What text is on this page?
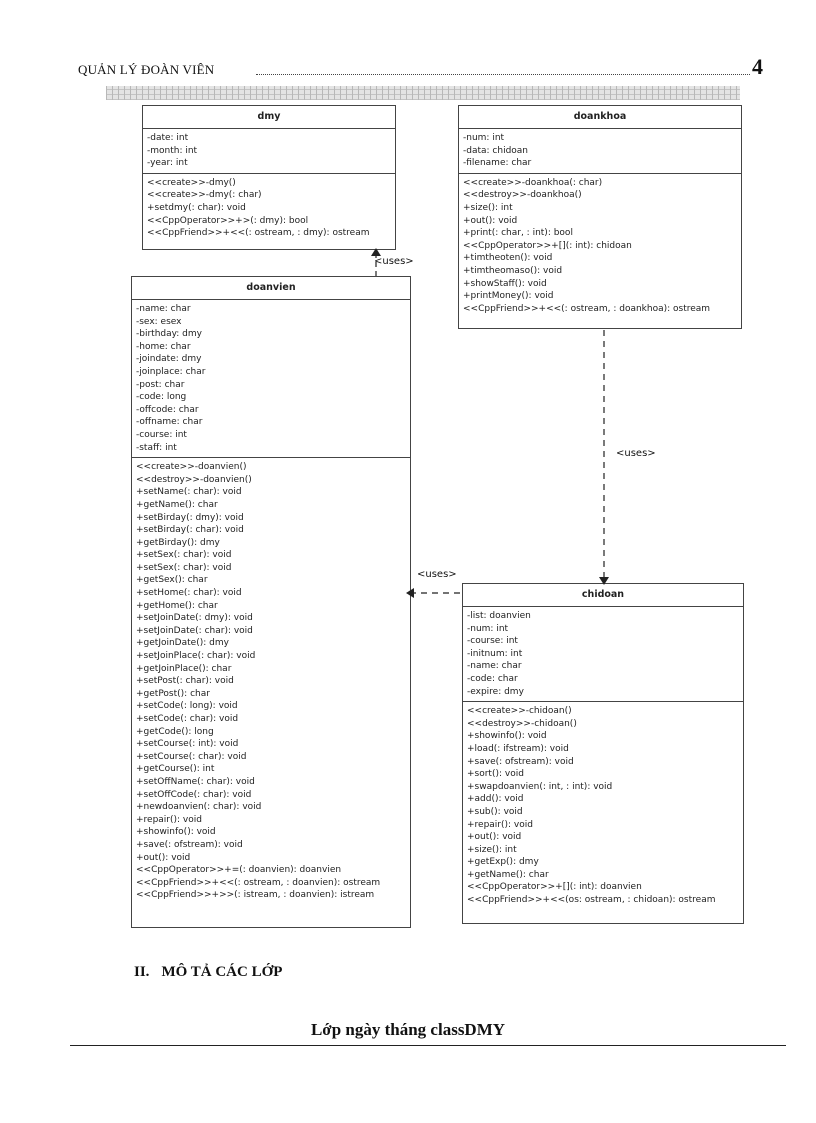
QUẢN LÝ ĐOÀN VIÊN	4
dmy
-date: int
-month: int
-year: int
<<create>>-dmy()
<<create>>-dmy(: char)
+setdmy(: char): void
<<CppOperator>>+>(: dmy): bool
<<CppFriend>>+<<(: ostream, : dmy): ostream
doankhoa
-num: int
-data: chidoan
-filename: char
<<create>>-doankhoa(: char)
<<destroy>>-doankhoa()
+size(): int
+out(): void
+print(: char, : int): bool
<<CppOperator>>+[](: int): chidoan
+timtheoten(): void
+timtheomaso(): void
+showStaff(): void
+printMoney(): void
<<CppFriend>>+<<(: ostream, : doankhoa): ostream
doanvien
-name: char
-sex: esex
-birthday: dmy
-home: char
-joindate: dmy
-joinplace: char
-post: char
-code: long
-offcode: char
-offname: char
-course: int
-staff: int
<<create>>-doanvien()
<<destroy>>-doanvien()
+setName(: char): void
+getName(): char
+setBirday(: dmy): void
+setBirday(: char): void
+getBirday(): dmy
+setSex(: char): void
+setSex(: char): void
+getSex(): char
+setHome(: char): void
+getHome(): char
+setJoinDate(: dmy): void
+setJoinDate(: char): void
+getJoinDate(): dmy
+setJoinPlace(: char): void
+getJoinPlace(): char
+setPost(: char): void
+getPost(): char
+setCode(: long): void
+setCode(: char): void
+getCode(): long
+setCourse(: int): void
+setCourse(: char): void
+getCourse(): int
+setOffName(: char): void
+setOffCode(: char): void
+newdoanvien(: char): void
+repair(): void
+showinfo(): void
+save(: ofstream): void
+out(): void
<<CppOperator>>+=(: doanvien): doanvien
<<CppFriend>>+<<(: ostream, : doanvien): ostream
<<CppFriend>>+>>(: istream, : doanvien): istream
chidoan
-list: doanvien
-num: int
-course: int
-initnum: int
-name: char
-code: char
-expire: dmy
<<create>>-chidoan()
<<destroy>>-chidoan()
+showinfo(): void
+load(: ifstream): void
+save(: ofstream): void
+sort(): void
+swapdoanvien(: int, : int): void
+add(): void
+sub(): void
+repair(): void
+out(): void
+size(): int
+getExp(): dmy
+getName(): char
<<CppOperator>>+[](: int): doanvien
<<CppFriend>>+<<(os: ostream, : chidoan): ostream
<uses>
<uses>
<uses>
II. MÔ TẢ CÁC LỚP
Lớp ngày tháng classDMY
